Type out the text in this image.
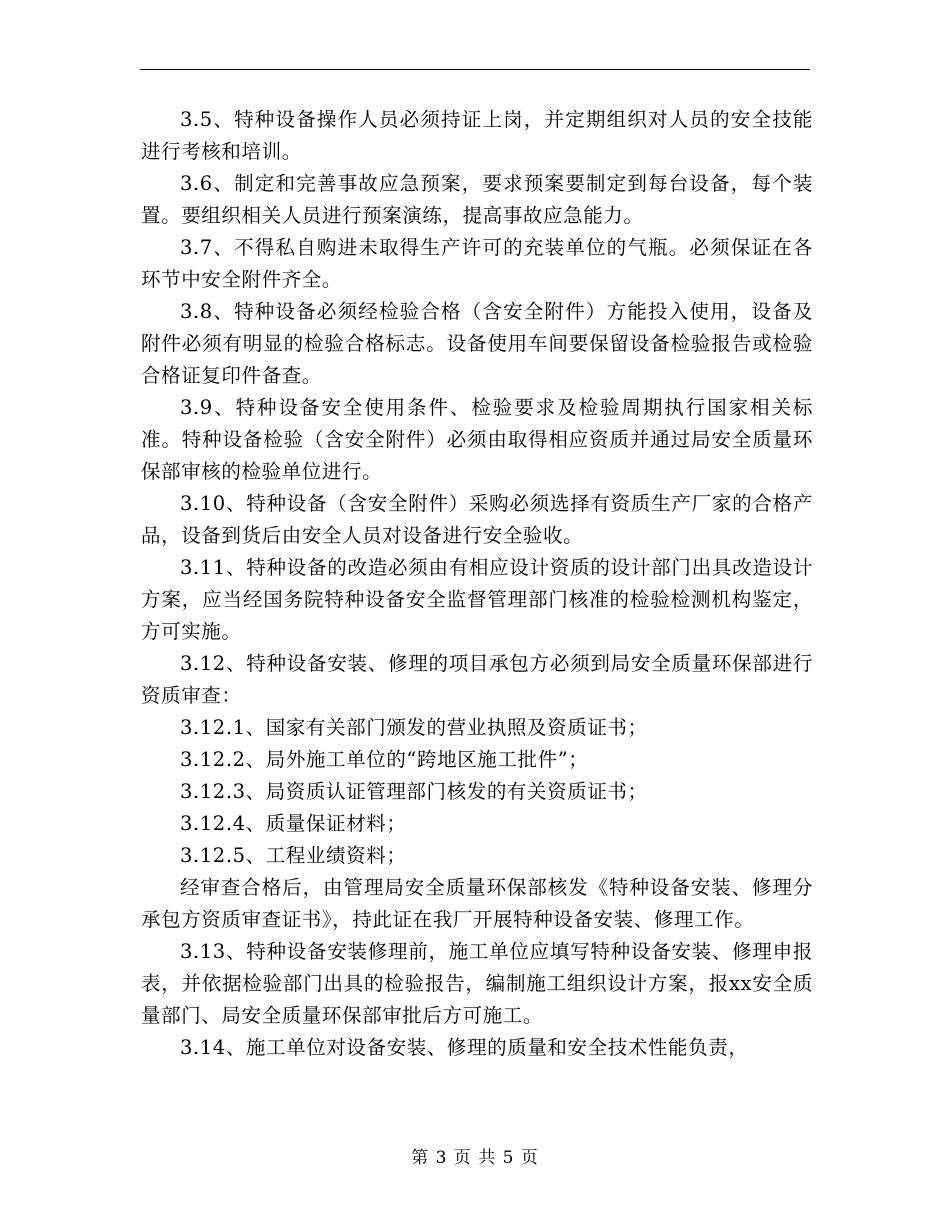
3.5、特种设备操作人员必须持证上岗，并定期组织对人员的安全技能进行考核和培训。

3.6、制定和完善事故应急预案，要求预案要制定到每台设备，每个装置。要组织相关人员进行预案演练，提高事故应急能力。

3.7、不得私自购进未取得生产许可的充装单位的气瓶。必须保证在各环节中安全附件齐全。

3.8、特种设备必须经检验合格（含安全附件）方能投入使用，设备及附件必须有明显的检验合格标志。设备使用车间要保留设备检验报告或检验合格证复印件备查。

3.9、特种设备安全使用条件、检验要求及检验周期执行国家相关标准。特种设备检验（含安全附件）必须由取得相应资质并通过局安全质量环保部审核的检验单位进行。

3.10、特种设备（含安全附件）采购必须选择有资质生产厂家的合格产品，设备到货后由安全人员对设备进行安全验收。

3.11、特种设备的改造必须由有相应设计资质的设计部门出具改造设计方案，应当经国务院特种设备安全监督管理部门核准的检验检测机构鉴定，方可实施。

3.12、特种设备安装、修理的项目承包方必须到局安全质量环保部进行资质审查：

3.12.1、国家有关部门颁发的营业执照及资质证书；

3.12.2、局外施工单位的“跨地区施工批件”；

3.12.3、局资质认证管理部门核发的有关资质证书；

3.12.4、质量保证材料；

3.12.5、工程业绩资料；

经审查合格后，由管理局安全质量环保部核发《特种设备安装、修理分承包方资质审查证书》，持此证在我厂开展特种设备安装、修理工作。

3.13、特种设备安装修理前，施工单位应填写特种设备安装、修理申报表，并依据检验部门出具的检验报告，编制施工组织设计方案，报xx安全质量部门、局安全质量环保部审批后方可施工。

3.14、施工单位对设备安装、修理的质量和安全技术性能负责，

第 3 页 共 5 页
